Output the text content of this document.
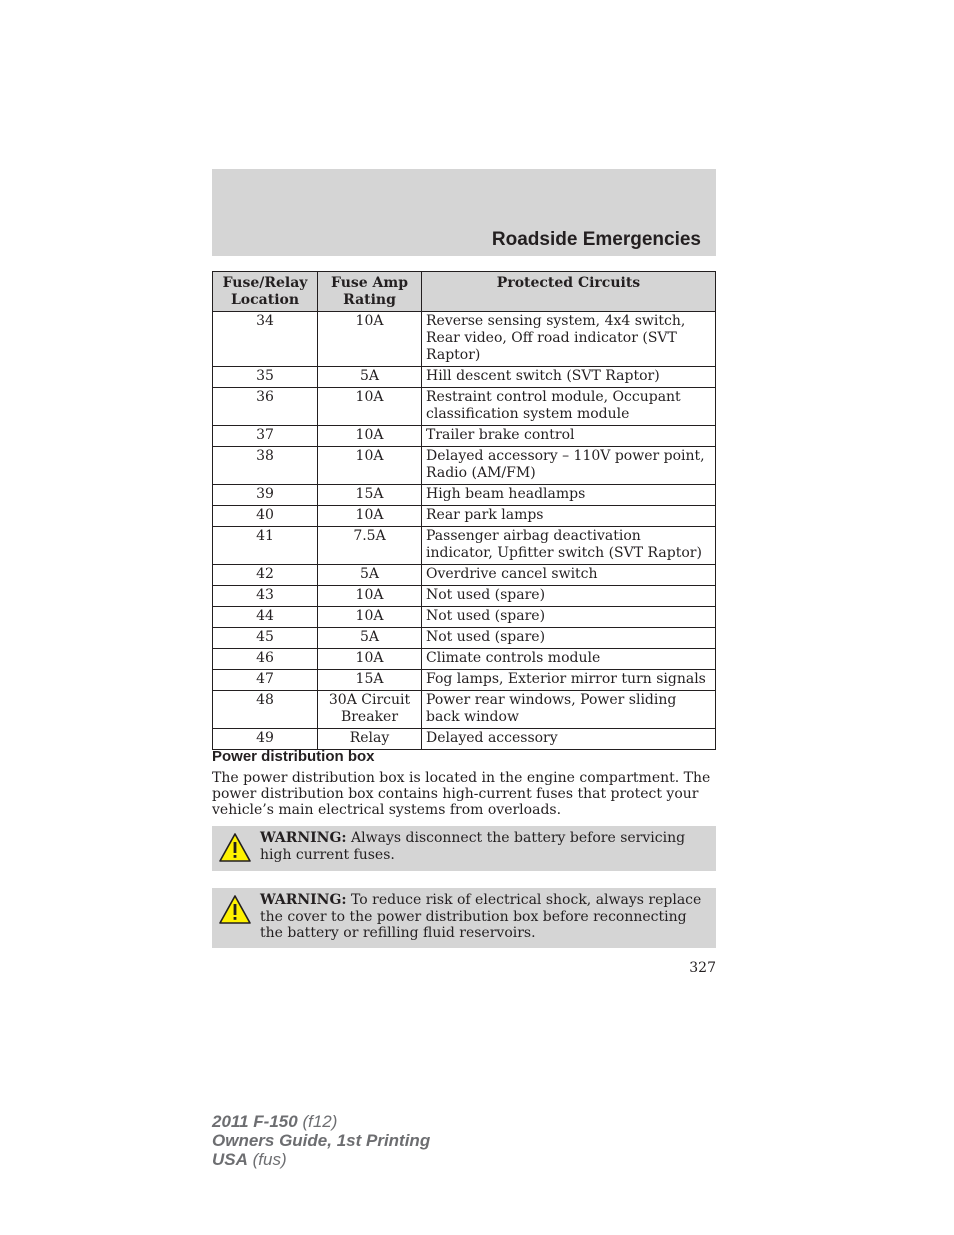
Roadside Emergencies
Fuse/Relay Location	Fuse Amp Rating	Protected Circuits
34	10A	Reverse sensing system, 4x4 switch, Rear video, Off road indicator (SVT Raptor)
35	5A	Hill descent switch (SVT Raptor)
36	10A	Restraint control module, Occupant classification system module
37	10A	Trailer brake control
38	10A	Delayed accessory – 110V power point, Radio (AM/FM)
39	15A	High beam headlamps
40	10A	Rear park lamps
41	7.5A	Passenger airbag deactivation indicator, Upfitter switch (SVT Raptor)
42	5A	Overdrive cancel switch
43	10A	Not used (spare)
44	10A	Not used (spare)
45	5A	Not used (spare)
46	10A	Climate controls module
47	15A	Fog lamps, Exterior mirror turn signals
48	30A Circuit Breaker	Power rear windows, Power sliding back window
49	Relay	Delayed accessory
Power distribution box

The power distribution box is located in the engine compartment. The power distribution box contains high-current fuses that protect your vehicle’s main electrical systems from overloads.

WARNING: Always disconnect the battery before servicing high current fuses.
WARNING: To reduce risk of electrical shock, always replace the cover to the power distribution box before reconnecting the battery or refilling fluid reservoirs.
327
2011 F-150 (f12)
Owners Guide, 1st Printing
USA (fus)
